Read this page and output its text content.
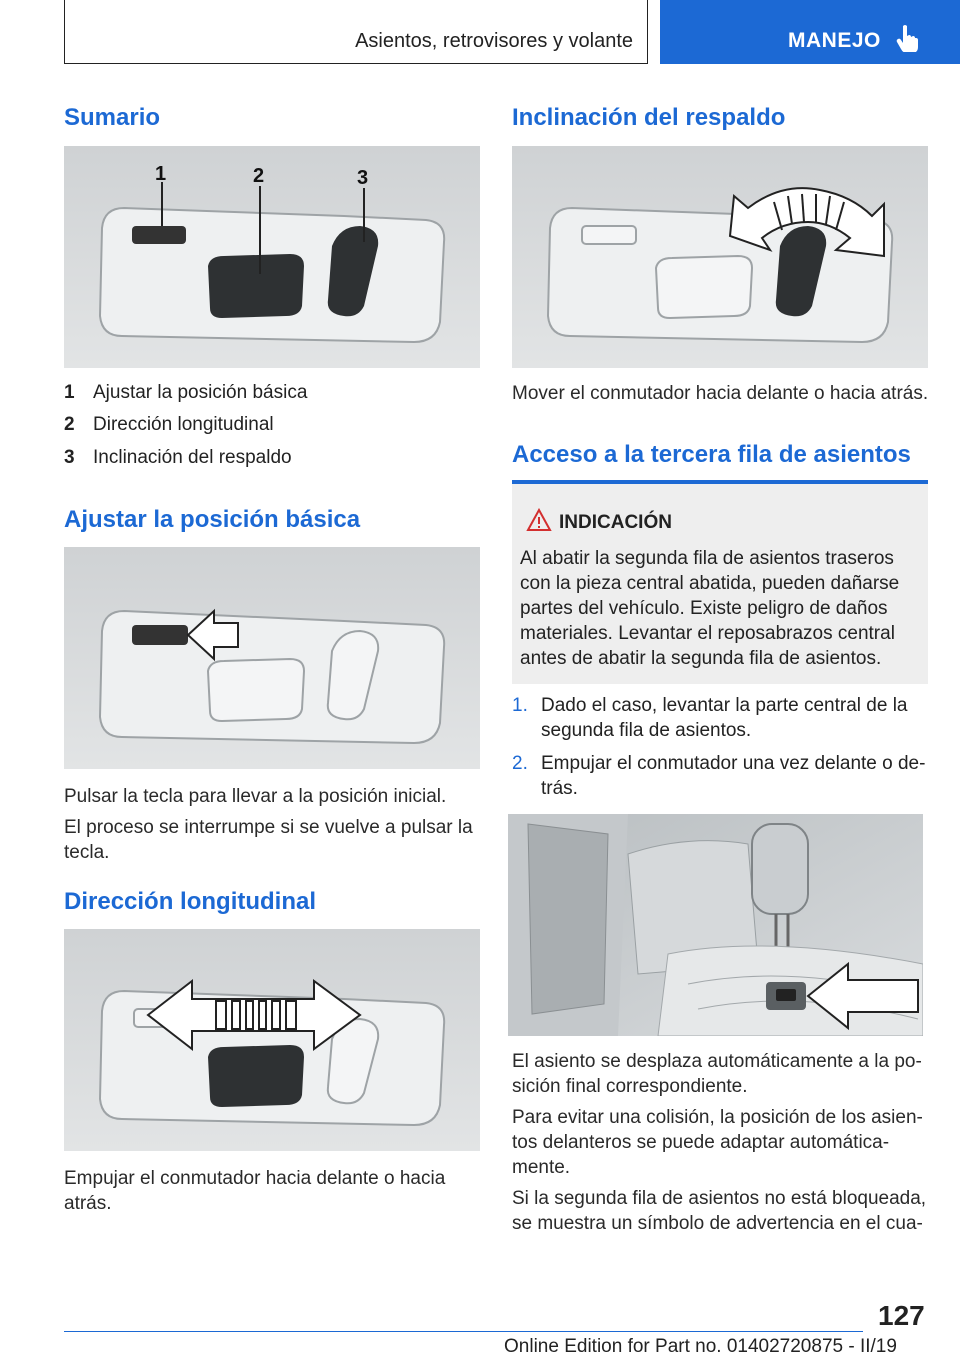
Asientos, retrovisores y volante	MANEJO
Sumario
1	2	3
1 Ajustar la posición básica
2 Dirección longitudinal
3 Inclinación del respaldo
Ajustar la posición básica
Pulsar la tecla para llevar a la posición inicial.
El proceso se interrumpe si se vuelve a pulsar la
tecla.
Dirección longitudinal
Empujar el conmutador hacia delante o hacia
atrás.
Inclinación del respaldo
Mover el conmutador hacia delante o hacia atrás.
Acceso a la tercera fila de asientos
INDICACIÓN
Al abatir la segunda fila de asientos traseros
con la pieza central abatida, pueden dañarse
partes del vehículo. Existe peligro de daños
materiales. Levantar el reposabrazos central
antes de abatir la segunda fila de asientos.
1. Dado el caso, levantar la parte central de la
segunda fila de asientos.
2. Empujar el conmutador una vez delante o de-
trás.
El asiento se desplaza automáticamente a la po-
sición final correspondiente.
Para evitar una colisión, la posición de los asien-
tos delanteros se puede adaptar automática-
mente.
Si la segunda fila de asientos no está bloqueada,
se muestra un símbolo de advertencia en el cua-
127
Online Edition for Part no. 01402720875 - II/19
